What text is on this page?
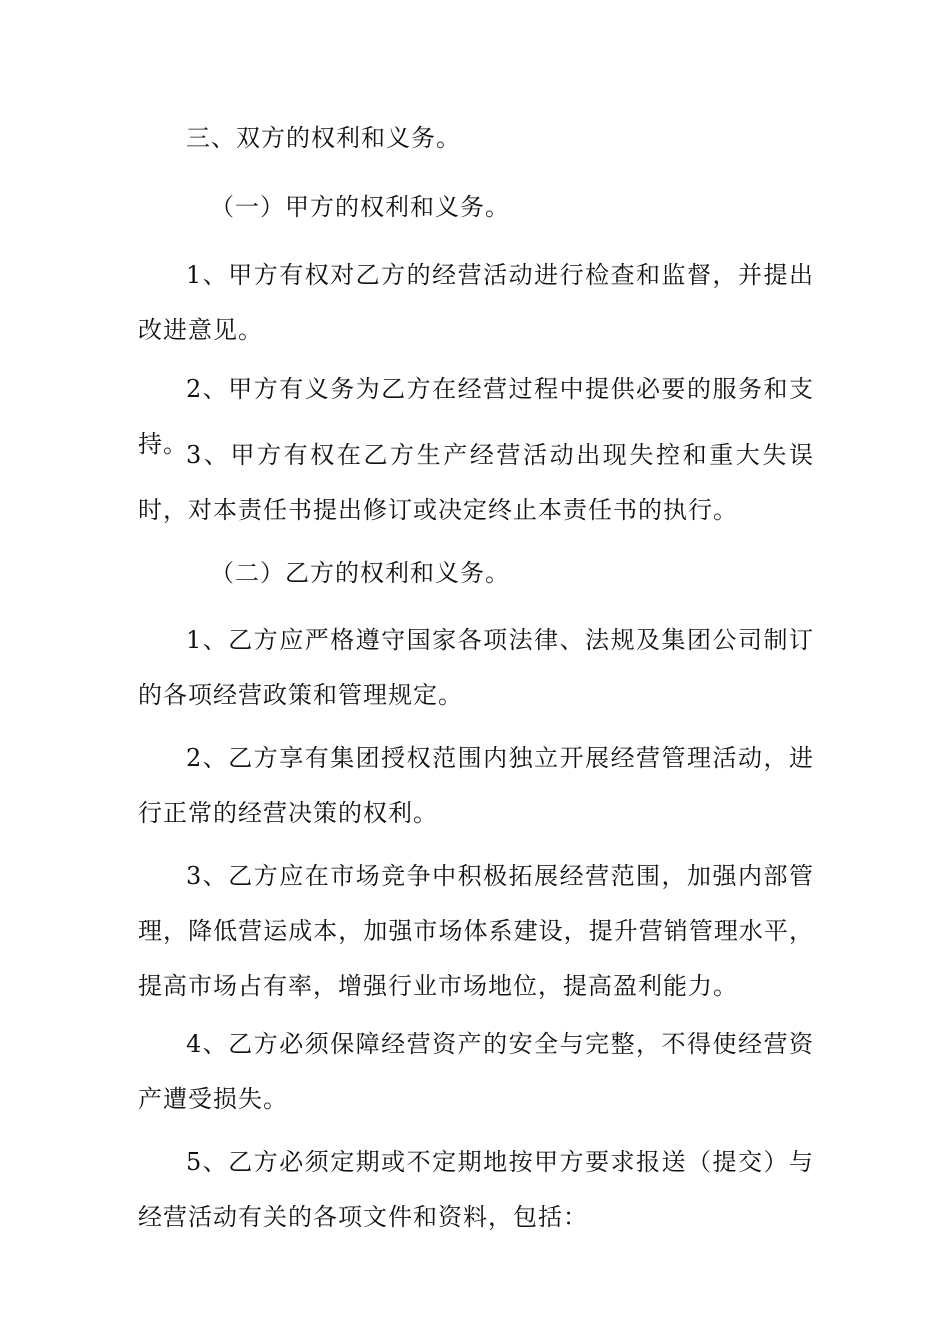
三、双方的权利和义务。

（一）甲方的权利和义务。

1、甲方有权对乙方的经营活动进行检查和监督，并提出改进意见。

2、甲方有义务为乙方在经营过程中提供必要的服务和支持。

3、甲方有权在乙方生产经营活动出现失控和重大失误时，对本责任书提出修订或决定终止本责任书的执行。

（二）乙方的权利和义务。

1、乙方应严格遵守国家各项法律、法规及集团公司制订的各项经营政策和管理规定。

2、乙方享有集团授权范围内独立开展经营管理活动，进行正常的经营决策的权利。

3、乙方应在市场竞争中积极拓展经营范围，加强内部管理，降低营运成本，加强市场体系建设，提升营销管理水平，提高市场占有率，增强行业市场地位，提高盈利能力。

4、乙方必须保障经营资产的安全与完整，不得使经营资产遭受损失。

5、乙方必须定期或不定期地按甲方要求报送（提交）与经营活动有关的各项文件和资料，包括：
